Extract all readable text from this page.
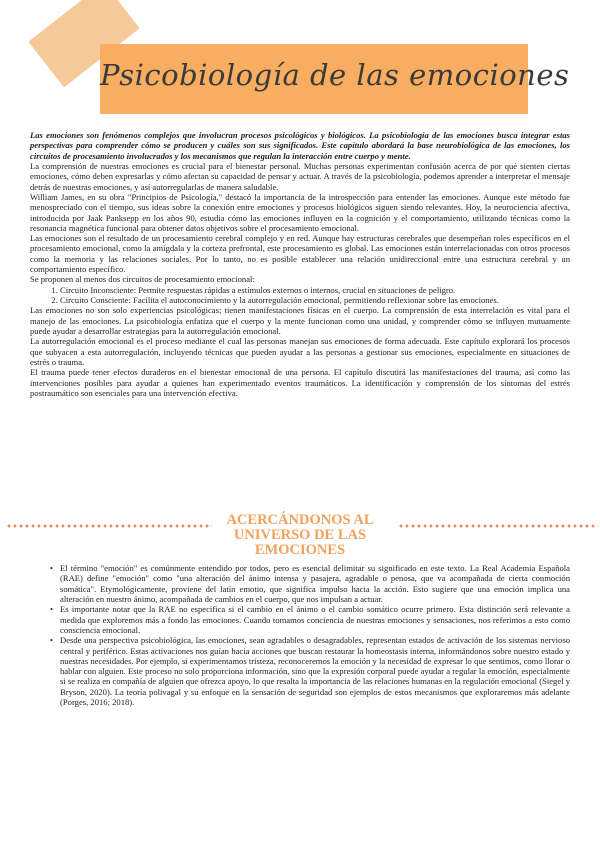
Psicobiología de las emociones

Las emociones son fenómenos complejos que involucran procesos psicológicos y biológicos. La psicobiología de las emociones busca integrar estas perspectivas para comprender cómo se producen y cuáles son sus significados. Este capítulo abordará la base neurobiológica de las emociones, los circuitos de procesamiento involucrados y los mecanismos que regulan la interacción entre cuerpo y mente.

La comprensión de nuestras emociones es crucial para el bienestar personal. Muchas personas experimentan confusión acerca de por qué sienten ciertas emociones, cómo deben expresarlas y cómo afectan su capacidad de pensar y actuar. A través de la psicobiología, podemos aprender a interpretar el mensaje detrás de nuestras emociones, y así autorregularlas de manera saludable.

William James, en su obra "Principios de Psicología," destacó la importancia de la introspección para entender las emociones. Aunque este método fue menospreciado con el tiempo, sus ideas sobre la conexión entre emociones y procesos biológicos siguen siendo relevantes. Hoy, la neurociencia afectiva, introducida por Jaak Panksepp en los años 90, estudia cómo las emociones influyen en la cognición y el comportamiento, utilizando técnicas como la resonancia magnética funcional para obtener datos objetivos sobre el procesamiento emocional.

Las emociones son el resultado de un procesamiento cerebral complejo y en red. Aunque hay estructuras cerebrales que desempeñan roles específicos en el procesamiento emocional, como la amígdala y la corteza prefrontal, este procesamiento es global. Las emociones están interrelacionadas con otros procesos como la memoria y las relaciones sociales. Por lo tanto, no es posible establecer una relación unidireccional entre una estructura cerebral y un comportamiento específico.

Se proponen al menos dos circuitos de procesamiento emocional:

1. Circuito Inconsciente: Permite respuestas rápidas a estímulos externos o internos, crucial en situaciones de peligro.
2. Circuito Consciente: Facilita el autoconocimiento y la autorregulación emocional, permitiendo reflexionar sobre las emociones.

Las emociones no son solo experiencias psicológicas; tienen manifestaciones físicas en el cuerpo. La comprensión de esta interrelación es vital para el manejo de las emociones. La psicobiología enfatiza que el cuerpo y la mente funcionan como una unidad, y comprender cómo se influyen mutuamente puede ayudar a desarrollar estrategias para la autorregulación emocional.

La autorregulación emocional es el proceso mediante el cual las personas manejan sus emociones de forma adecuada. Este capítulo explorará los procesos que subyacen a esta autorregulación, incluyendo técnicas que pueden ayudar a las personas a gestionar sus emociones, especialmente en situaciones de estrés o trauma.

El trauma puede tener efectos duraderos en el bienestar emocional de una persona. El capítulo discutirá las manifestaciones del trauma, así como las intervenciones posibles para ayudar a quienes han experimentado eventos traumáticos. La identificación y comprensión de los síntomas del estrés postraumático son esenciales para una intervención efectiva.

ACERCÁNDONOS AL UNIVERSO DE LAS EMOCIONES
• El término "emoción" es comúnmente entendido por todos, pero es esencial delimitar su significado en este texto. La Real Academia Española (RAE) define "emoción" como "una alteración del ánimo intensa y pasajera, agradable o penosa, que va acompañada de cierta conmoción somática". Etymológicamente, proviene del latín emotio, que significa impulso hacia la acción. Esto sugiere que una emoción implica una alteración en nuestro ánimo, acompañada de cambios en el cuerpo, que nos impulsan a actuar.
• Es importante notar que la RAE no especifica si el cambio en el ánimo o el cambio somático ocurre primero. Esta distinción será relevante a medida que exploremos más a fondo las emociones. Cuando tomamos conciencia de nuestras emociones y sensaciones, nos referimos a esto como consciencia emocional.
• Desde una perspectiva psicobiológica, las emociones, sean agradables o desagradables, representan estados de activación de los sistemas nervioso central y periférico. Estas activaciones nos guían hacia acciones que buscan restaurar la homeostasis interna, informándonos sobre nuestro estado y nuestras necesidades. Por ejemplo, si experimentamos tristeza, reconoceremos la emoción y la necesidad de expresar lo que sentimos, como llorar o hablar con alguien. Este proceso no solo proporciona información, sino que la expresión corporal puede ayudar a regular la emoción, especialmente si se realiza en compañía de alguien que ofrezca apoyo, lo que resalta la importancia de las relaciones humanas en la regulación emocional (Siegel y Bryson, 2020). La teoría polivagal y su enfoque en la sensación de seguridad son ejemplos de estos mecanismos que exploraremos más adelante (Porges, 2016; 2018).
